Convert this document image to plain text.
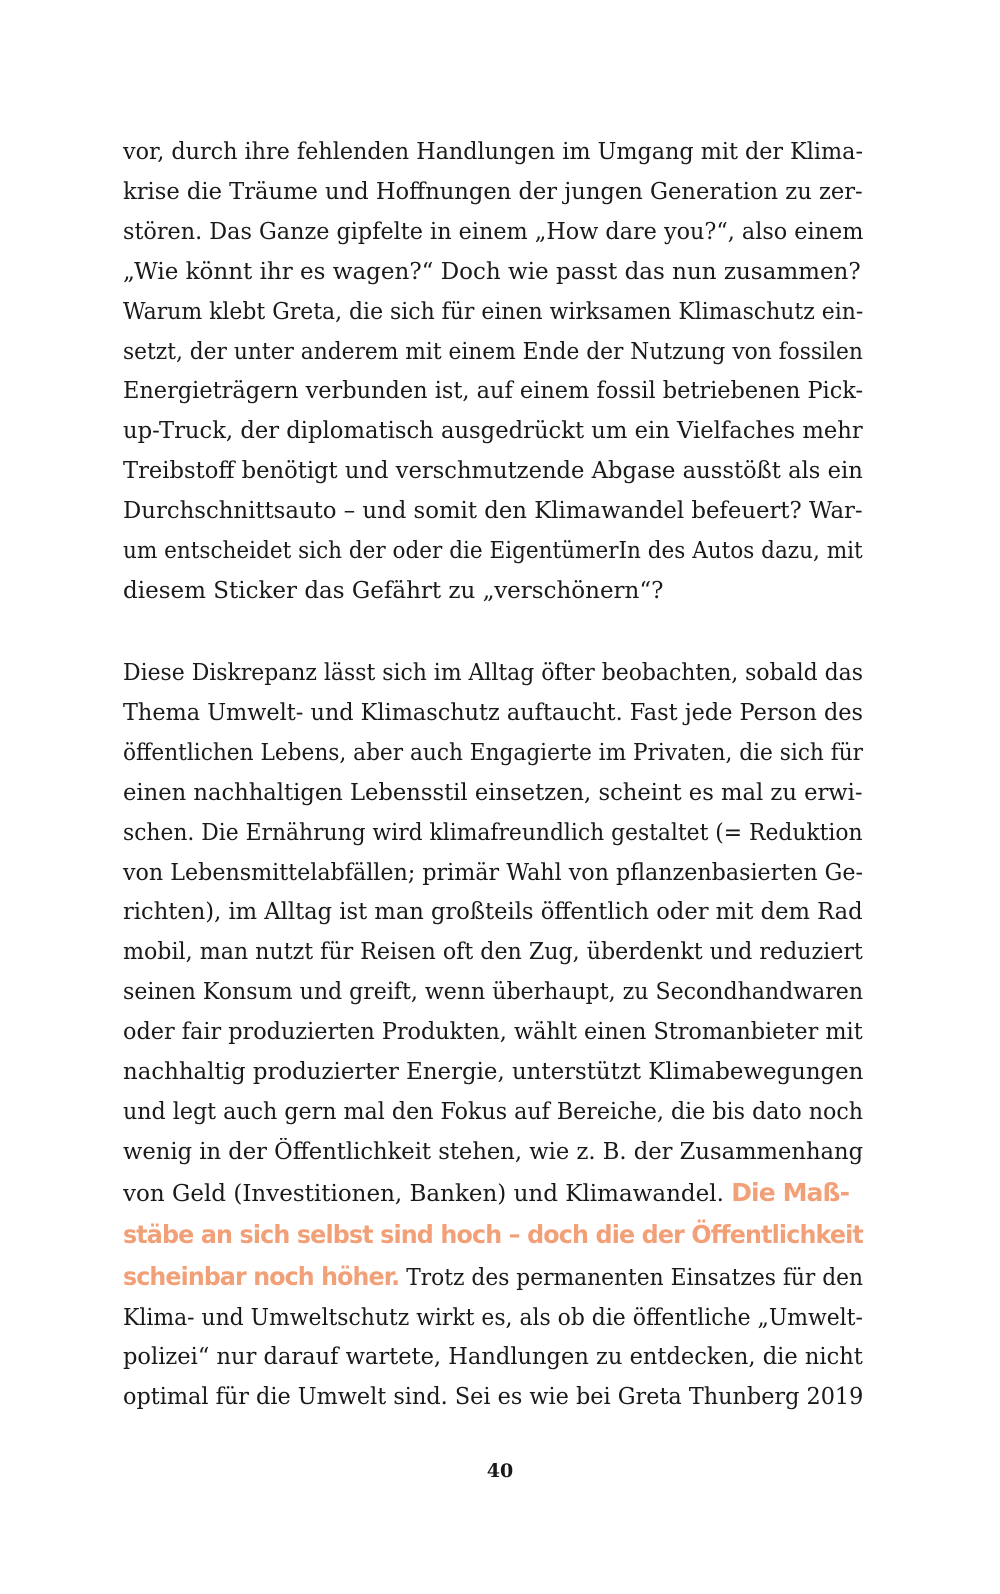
vor, durch ihre fehlenden Handlungen im Umgang mit der Klima-
krise die Träume und Hoffnungen der jungen Generation zu zer-
stören. Das Ganze gipfelte in einem „How dare you?“, also einem
„Wie könnt ihr es wagen?“ Doch wie passt das nun zusammen?
Warum klebt Greta, die sich für einen wirksamen Klimaschutz ein-
setzt, der unter anderem mit einem Ende der Nutzung von fossilen
Energieträgern verbunden ist, auf einem fossil betriebenen Pick-
up-Truck, der diplomatisch ausgedrückt um ein Vielfaches mehr
Treibstoff benötigt und verschmutzende Abgase ausstößt als ein
Durchschnittsauto – und somit den Klimawandel befeuert? War-
um entscheidet sich der oder die EigentümerIn des Autos dazu, mit
diesem Sticker das Gefährt zu „verschönern“?
Diese Diskrepanz lässt sich im Alltag öfter beobachten, sobald das
Thema Umwelt- und Klimaschutz auftaucht. Fast jede Person des
öffentlichen Lebens, aber auch Engagierte im Privaten, die sich für
einen nachhaltigen Lebensstil einsetzen, scheint es mal zu erwi-
schen. Die Ernährung wird klimafreundlich gestaltet (= Reduktion
von Lebensmittelabfällen; primär Wahl von pflanzenbasierten Ge-
richten), im Alltag ist man großteils öffentlich oder mit dem Rad
mobil, man nutzt für Reisen oft den Zug, überdenkt und reduziert
seinen Konsum und greift, wenn überhaupt, zu Secondhandwaren
oder fair produzierten Produkten, wählt einen Stromanbieter mit
nachhaltig produzierter Energie, unterstützt Klimabewegungen
und legt auch gern mal den Fokus auf Bereiche, die bis dato noch
wenig in der Öffentlichkeit stehen, wie z. B. der Zusammenhang
von Geld (Investitionen, Banken) und Klimawandel. Die Maß-
stäbe an sich selbst sind hoch – doch die der Öffentlichkeit
scheinbar noch höher. Trotz des permanenten Einsatzes für den
Klima- und Umweltschutz wirkt es, als ob die öffentliche „Umwelt-
polizei“ nur darauf wartete, Handlungen zu entdecken, die nicht
optimal für die Umwelt sind. Sei es wie bei Greta Thunberg 2019
40
